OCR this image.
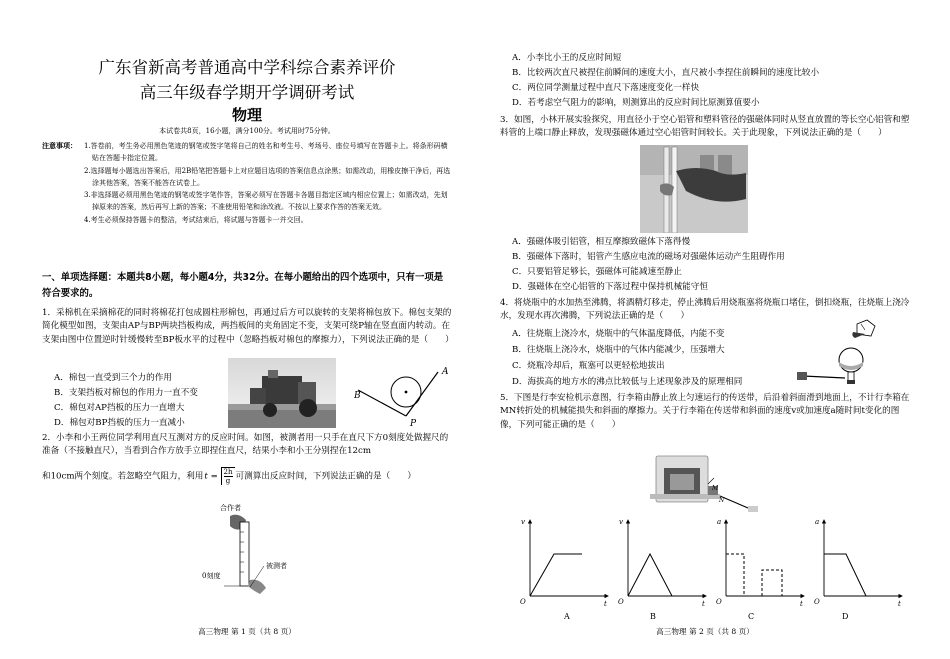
广东省新高考普通高中学科综合素养评价
高三年级春学期开学调研考试
物理
本试卷共8页，16小题，满分100分。考试用时75分钟。
注意事项： 1.答卷前，考生务必用黑色笔迹的钢笔或签字笔将自己的姓名和考生号、考场号、座位号填写在答题卡上。将条形码横贴在答题卡指定位置。
2.选择题每小题选出答案后，用2B铅笔把答题卡上对应题目选项的答案信息点涂黑；如需改动，用橡皮擦干净后，再选涂其他答案，答案不能答在试卷上。
3.非选择题必须用黑色笔迹的钢笔或签字笔作答，答案必须写在答题卡各题目指定区域内相应位置上；如需改动，先划掉原来的答案，然后再写上新的答案；不准使用铅笔和涂改液。不按以上要求作答的答案无效。
4.考生必须保持答题卡的整洁，考试结束后，将试题与答题卡一并交回。
一、单项选择题：本题共8小题，每小题4分，共32分。在每小题给出的四个选项中，只有一项是符合要求的。
1．采棉机在采摘棉花的同时将棉花打包成圆柱形棉包，再通过后方可以旋转的支架将棉包放下。棉包支架的简化模型如图，支架由AP与BP两块挡板构成，两挡板间的夹角固定不变，支架可绕P轴在竖直面内转动。在支架由图中位置逆时针缓慢转至BP板水平的过程中（忽略挡板对棉包的摩擦力），下列说法正确的是（　　）
A．棉包一直受到三个力的作用
B．支架挡板对棉包的作用力一直不变
C．棉包对AP挡板的压力一直增大
D．棉包对BP挡板的压力一直减小
B
A
P
2．小李和小王两位同学利用直尺互测对方的反应时间。如图，被测者用一只手在直尺下方0刻度处做握尺的准备（不接触直尺），当看到合作方放手立即捏住直尺，结果小李和小王分别捏在12cm
和10cm两个刻度。若忽略空气阻力，利用$t = \frac{2h}{g}$ 可测算出反应时间，下列说法正确的是（　　）
合作者
被测者
0刻度
高三物理 第 1 页（共 8 页）
A．小李比小王的反应时间短
B．比较两次直尺被捏住前瞬间的速度大小，直尺被小李捏住前瞬间的速度比较小
C．两位同学测量过程中直尺下落速度变化一样快
D．若考虑空气阻力的影响，则测算出的反应时间比原测算值要小
3．如图，小林开展实验探究，用直径小于空心铝管和塑料管径的强磁体同时从竖直放置的等长空心铝管和塑料管的上端口静止释放，发现强磁体通过空心铝管时间较长。关于此现象，下列说法正确的是（　　）
A．强磁体吸引铝管，相互摩擦致磁体下落得慢
B．强磁体下落时，铝管产生感应电流的磁场对强磁体运动产生阻碍作用
C．只要铝管足够长，强磁体可能减速至静止
D．强磁体在空心铝管的下落过程中保持机械能守恒
4．将烧瓶中的水加热至沸腾，将酒精灯移走，停止沸腾后用烧瓶塞将烧瓶口堵住，倒扣烧瓶，往烧瓶上浇冷水，发现水再次沸腾，下列说法正确的是（　　）
A．往烧瓶上浇冷水，烧瓶中的气体温度降低，内能不变
B．往烧瓶上浇冷水，烧瓶中的气体内能减少，压强增大
C．烧瓶冷却后，瓶塞可以更轻松地拔出
D．海拔高的地方水的沸点比较低与上述现象涉及的原理相同
5．下图是行李安检机示意图，行李箱由静止放上匀速运行的传送带，后沿着斜面滑到地面上，不计行李箱在MN转折处的机械能损失和斜面的摩擦力。关于行李箱在传送带和斜面的速度v或加速度a随时间t变化的图像，下列可能正确的是（　　）
M
N
v
O	t
A
v
O	t
B
a
O	t
C
a
O	t
D
高三物理 第 2 页（共 8 页）
